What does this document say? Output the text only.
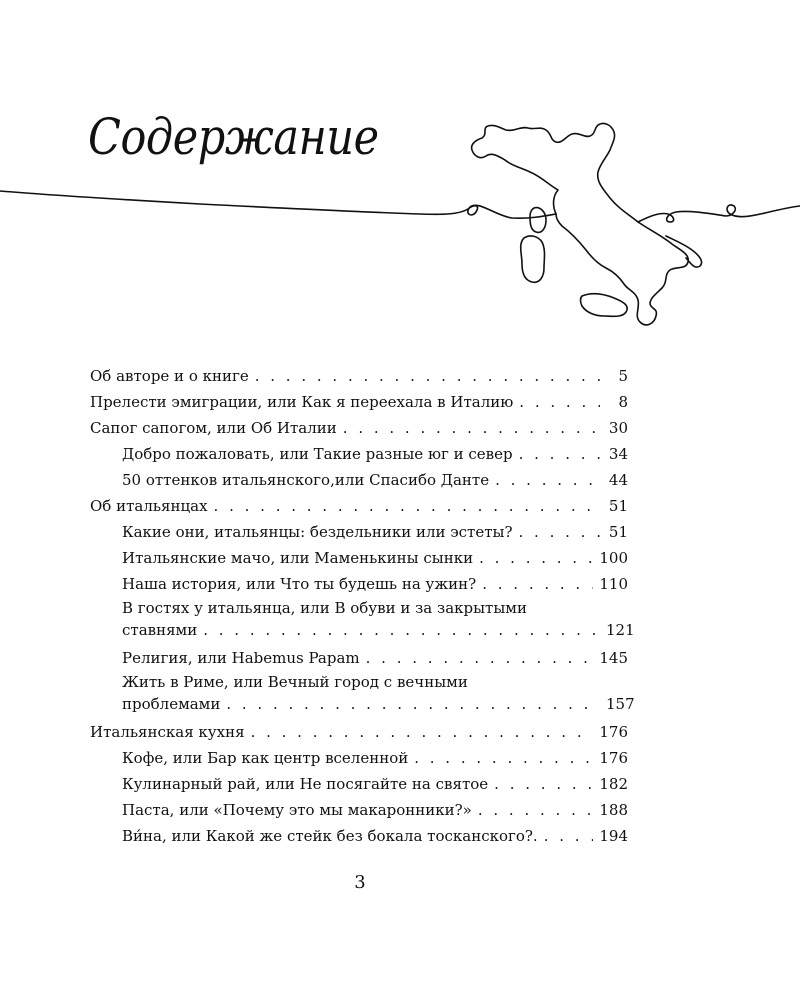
Содержание
Об авторе и о книге . . .	5
Прелести эмиграции, или Как я переехала в Италию . . .	8
Сапог сапогом, или Об Италии . . .	30
Добро пожаловать, или Такие разные юг и север . . .	34
50 оттенков итальянского,или Спасибо Данте . . .	44
Об итальянцах . . .	51
Какие они, итальянцы: бездельники или эстеты? . . .	51
Итальянские мачо, или Маменькины сынки . . .	100
Наша история, или Что ты будешь на ужин? . . .	110
В гостях у итальянца, или В обуви и за закрытыми
ставнями . . .	121
Религия, или Habemus Papam . . .	145
Жить в Риме, или Вечный город с вечными
проблемами . . .	157
Итальянская кухня . . .	176
Кофе, или Бар как центр вселенной . . .	176
Кулинарный рай, или Не посягайте на святое . . .	182
Паста, или «Почему это мы макаронники?» . . .	188
Ви́на, или Какой же стейк без бокала тосканского?. . . .	194
3
